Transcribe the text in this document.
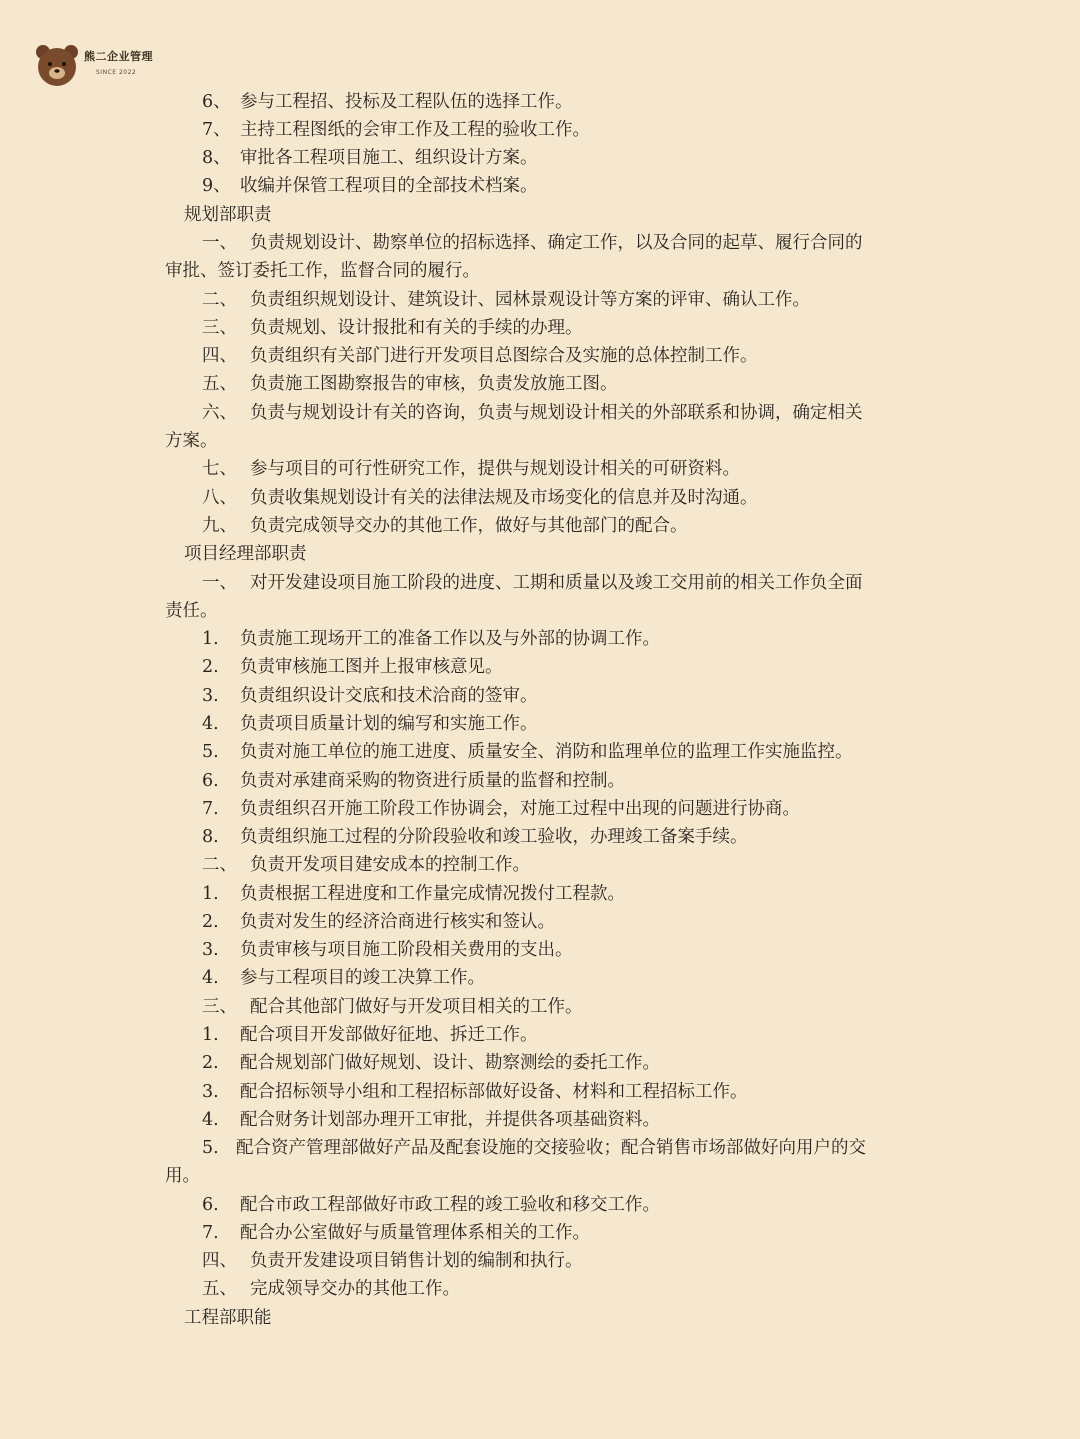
熊二企业管理
SINCE 2022
6、 参与工程招、投标及工程队伍的选择工作。
7、 主持工程图纸的会审工作及工程的验收工作。
8、 审批各工程项目施工、组织设计方案。
9、 收编并保管工程项目的全部技术档案。
规划部职责
一、 负责规划设计、勘察单位的招标选择、确定工作，以及合同的起草、履行合同的
审批、签订委托工作，监督合同的履行。
二、 负责组织规划设计、建筑设计、园林景观设计等方案的评审、确认工作。
三、 负责规划、设计报批和有关的手续的办理。
四、 负责组织有关部门进行开发项目总图综合及实施的总体控制工作。
五、 负责施工图勘察报告的审核，负责发放施工图。
六、 负责与规划设计有关的咨询，负责与规划设计相关的外部联系和协调，确定相关
方案。
七、 参与项目的可行性研究工作，提供与规划设计相关的可研资料。
八、 负责收集规划设计有关的法律法规及市场变化的信息并及时沟通。
九、 负责完成领导交办的其他工作，做好与其他部门的配合。
项目经理部职责
一、 对开发建设项目施工阶段的进度、工期和质量以及竣工交用前的相关工作负全面
责任。
1. 负责施工现场开工的准备工作以及与外部的协调工作。
2. 负责审核施工图并上报审核意见。
3. 负责组织设计交底和技术洽商的签审。
4. 负责项目质量计划的编写和实施工作。
5. 负责对施工单位的施工进度、质量安全、消防和监理单位的监理工作实施监控。
6. 负责对承建商采购的物资进行质量的监督和控制。
7. 负责组织召开施工阶段工作协调会，对施工过程中出现的问题进行协商。
8. 负责组织施工过程的分阶段验收和竣工验收，办理竣工备案手续。
二、 负责开发项目建安成本的控制工作。
1. 负责根据工程进度和工作量完成情况拨付工程款。
2. 负责对发生的经济洽商进行核实和签认。
3. 负责审核与项目施工阶段相关费用的支出。
4. 参与工程项目的竣工决算工作。
三、 配合其他部门做好与开发项目相关的工作。
1. 配合项目开发部做好征地、拆迁工作。
2. 配合规划部门做好规划、设计、勘察测绘的委托工作。
3. 配合招标领导小组和工程招标部做好设备、材料和工程招标工作。
4. 配合财务计划部办理开工审批，并提供各项基础资料。
5. 配合资产管理部做好产品及配套设施的交接验收；配合销售市场部做好向用户的交
用。
6. 配合市政工程部做好市政工程的竣工验收和移交工作。
7. 配合办公室做好与质量管理体系相关的工作。
四、 负责开发建设项目销售计划的编制和执行。
五、 完成领导交办的其他工作。
工程部职能
